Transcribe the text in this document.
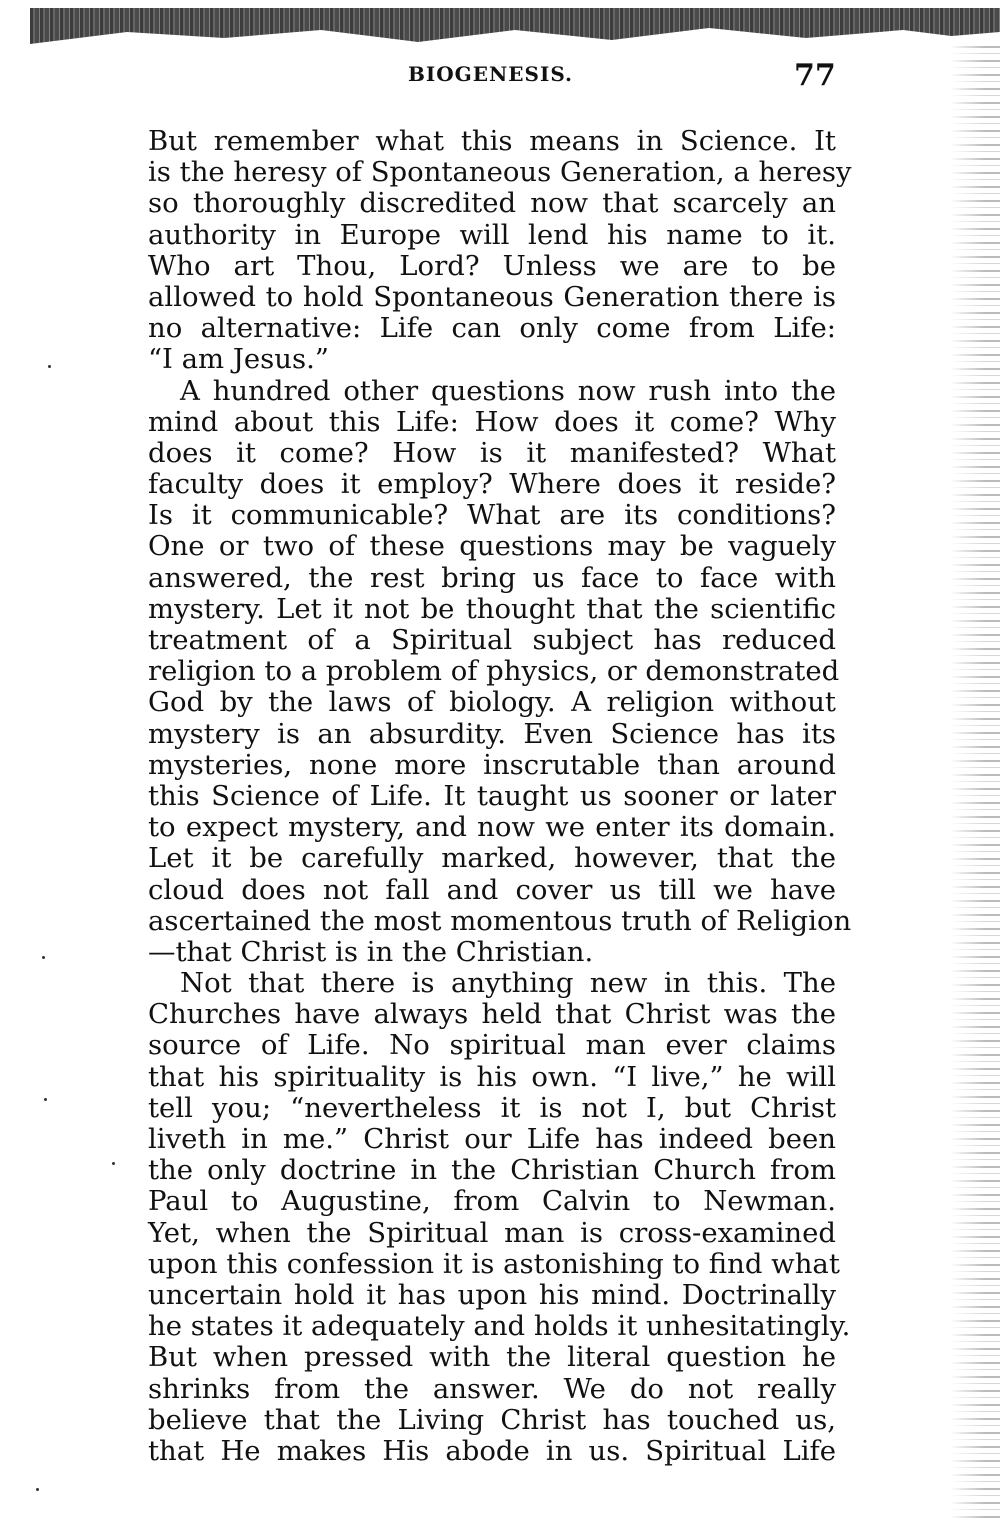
BIOGENESIS.	77
But remember what this means in Science. It
is the heresy of Spontaneous Generation, a heresy
so thoroughly discredited now that scarcely an
authority in Europe will lend his name to it.
Who art Thou, Lord? Unless we are to be
allowed to hold Spontaneous Generation there is
no alternative: Life can only come from Life:
“I am Jesus.”
A hundred other questions now rush into the
mind about this Life: How does it come? Why
does it come? How is it manifested? What
faculty does it employ? Where does it reside?
Is it communicable? What are its conditions?
One or two of these questions may be vaguely
answered, the rest bring us face to face with
mystery. Let it not be thought that the scientific
treatment of a Spiritual subject has reduced
religion to a problem of physics, or demonstrated
God by the laws of biology. A religion without
mystery is an absurdity. Even Science has its
mysteries, none more inscrutable than around
this Science of Life. It taught us sooner or later
to expect mystery, and now we enter its domain.
Let it be carefully marked, however, that the
cloud does not fall and cover us till we have
ascertained the most momentous truth of Religion
—that Christ is in the Christian.
Not that there is anything new in this. The
Churches have always held that Christ was the
source of Life. No spiritual man ever claims
that his spirituality is his own. “I live,” he will
tell you; “nevertheless it is not I, but Christ
liveth in me.” Christ our Life has indeed been
the only doctrine in the Christian Church from
Paul to Augustine, from Calvin to Newman.
Yet, when the Spiritual man is cross-examined
upon this confession it is astonishing to find what
uncertain hold it has upon his mind. Doctrinally
he states it adequately and holds it unhesitatingly.
But when pressed with the literal question he
shrinks from the answer. We do not really
believe that the Living Christ has touched us,
that He makes His abode in us. Spiritual Life
